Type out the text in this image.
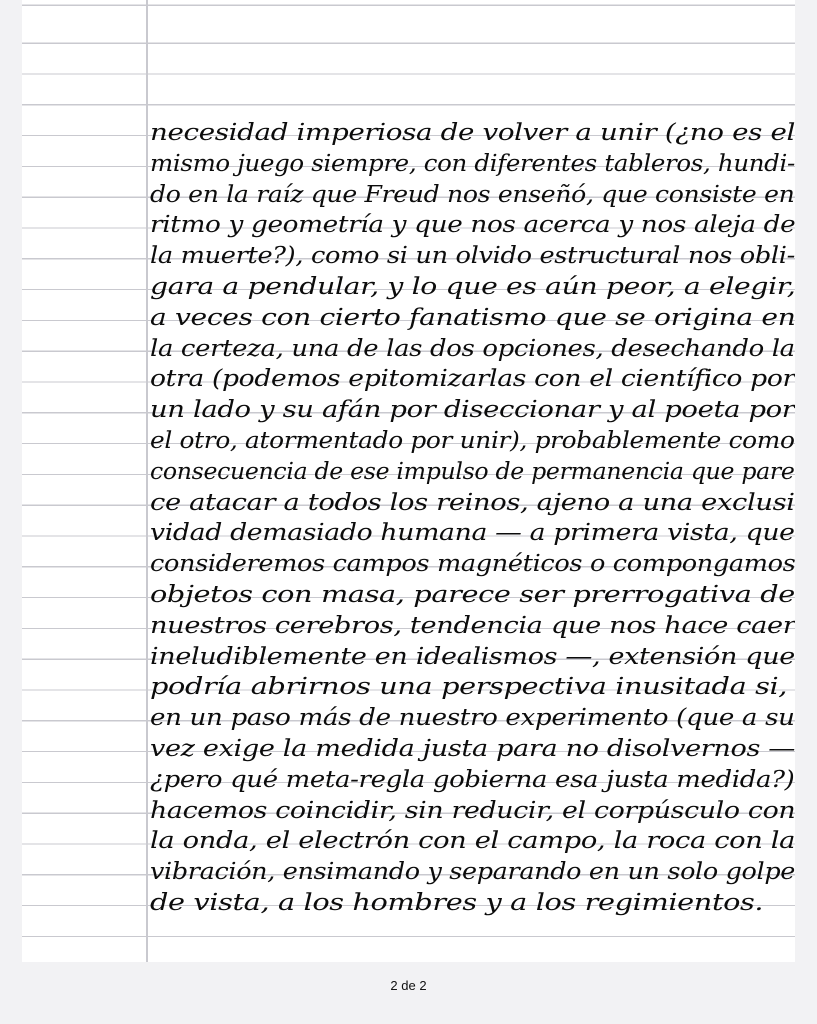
necesidad imperiosa de volver a unir (¿no es el
mismo juego siempre, con diferentes tableros, hundi-
do en la raíz que Freud nos enseñó, que consiste en
ritmo y geometría y que nos acerca y nos aleja de
la muerte?), como si un olvido estructural nos obli-
gara a pendular, y lo que es aún peor, a elegir,
a veces con cierto fanatismo que se origina en
la certeza, una de las dos opciones, desechando la
otra (podemos epitomizarlas con el científico por
un lado y su afán por diseccionar y al poeta por
el otro, atormentado por unir), probablemente como
consecuencia de ese impulso de permanencia que pare
ce atacar a todos los reinos, ajeno a una exclusi
vidad demasiado humana — a primera vista, que
consideremos campos magnéticos o compongamos
objetos con masa, parece ser prerrogativa de
nuestros cerebros, tendencia que nos hace caer
ineludiblemente en idealismos —, extensión que
podría abrirnos una perspectiva inusitada si,
en un paso más de nuestro experimento (que a su
vez exige la medida justa para no disolvernos —
¿pero qué meta-regla gobierna esa justa medida?)
hacemos coincidir, sin reducir, el corpúsculo con
la onda, el electrón con el campo, la roca con la
vibración, ensimando y separando en un solo golpe
de vista, a los hombres y a los regimientos.
2 de 2
